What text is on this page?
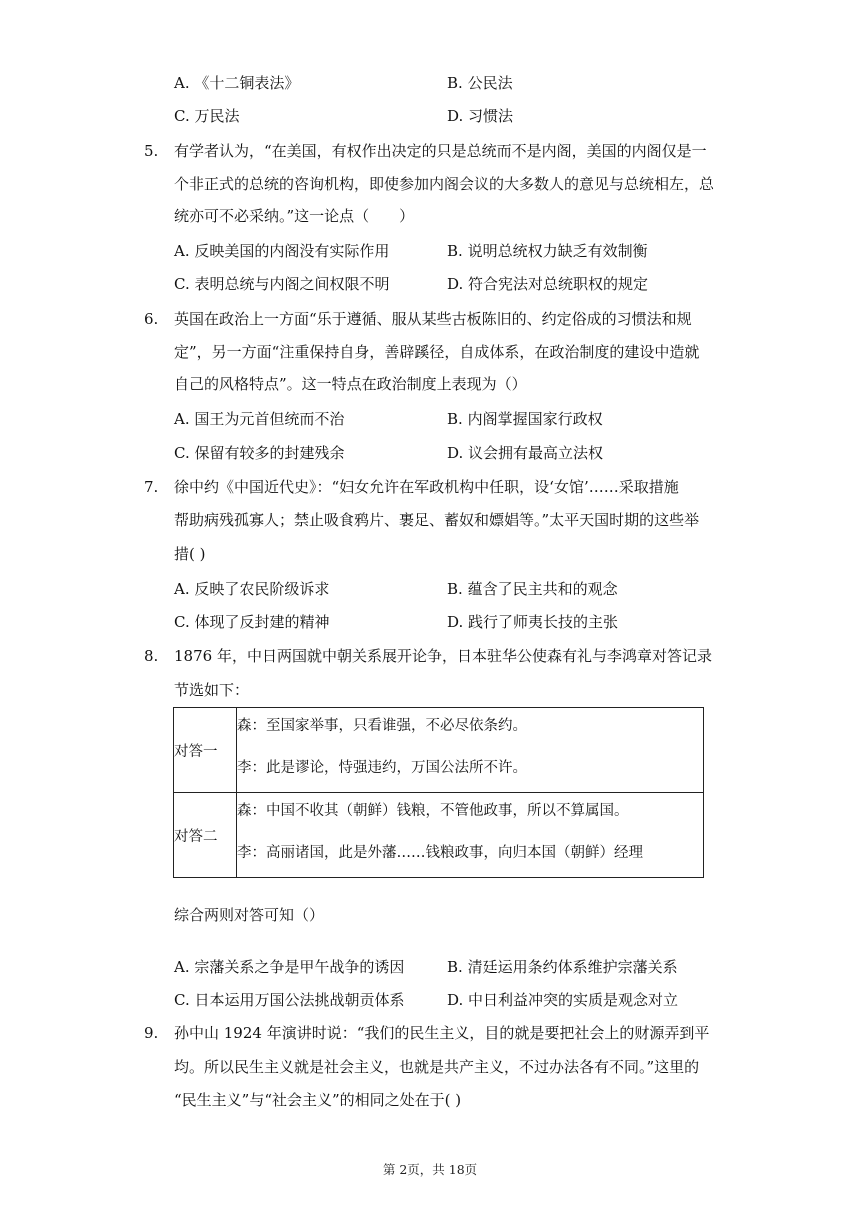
A. 《十二铜表法》	B. 公民法
C. 万民法	D. 习惯法
5.	有学者认为，“在美国，有权作出决定的只是总统而不是内阁，美国的内阁仅是一
个非正式的总统的咨询机构，即使参加内阁会议的大多数人的意见与总统相左，总
统亦可不必采纳。”这一论点（　　）
A. 反映美国的内阁没有实际作用	B. 说明总统权力缺乏有效制衡
C. 表明总统与内阁之间权限不明	D. 符合宪法对总统职权的规定
6.	英国在政治上一方面“乐于遵循、服从某些古板陈旧的、约定俗成的习惯法和规
定”，另一方面“注重保持自身，善辟蹊径，自成体系，在政治制度的建设中造就
自己的风格特点”。这一特点在政治制度上表现为（）
A. 国王为元首但统而不治	B. 内阁掌握国家行政权
C. 保留有较多的封建残余	D. 议会拥有最高立法权
7.	徐中约《中国近代史》：“妇女允许在军政机构中任职，设‘女馆’……采取措施
帮助病残孤寡人；禁止吸食鸦片、裹足、蓄奴和嫖娼等。”太平天国时期的这些举
措( )
A. 反映了农民阶级诉求	B. 蕴含了民主共和的观念
C. 体现了反封建的精神	D. 践行了师夷长技的主张
8.	1876 年，中日两国就中朝关系展开论争，日本驻华公使森有礼与李鸿章对答记录
节选如下：
对答一	森：至国家举事，只看谁强，不必尽依条约。
李：此是谬论，恃强违约，万国公法所不许。

对答二	森：中国不收其（朝鲜）钱粮，不管他政事，所以不算属国。
李：高丽诸国，此是外藩……钱粮政事，向归本国（朝鲜）经理
综合两则对答可知（）
A. 宗藩关系之争是甲午战争的诱因	B. 清廷运用条约体系维护宗藩关系
C. 日本运用万国公法挑战朝贡体系	D. 中日利益冲突的实质是观念对立
9.	孙中山 1924 年演讲时说：“我们的民生主义，目的就是要把社会上的财源弄到平
均。所以民生主义就是社会主义，也就是共产主义，不过办法各有不同。”这里的
“民生主义”与“社会主义”的相同之处在于( )
第 2页，共 18页
